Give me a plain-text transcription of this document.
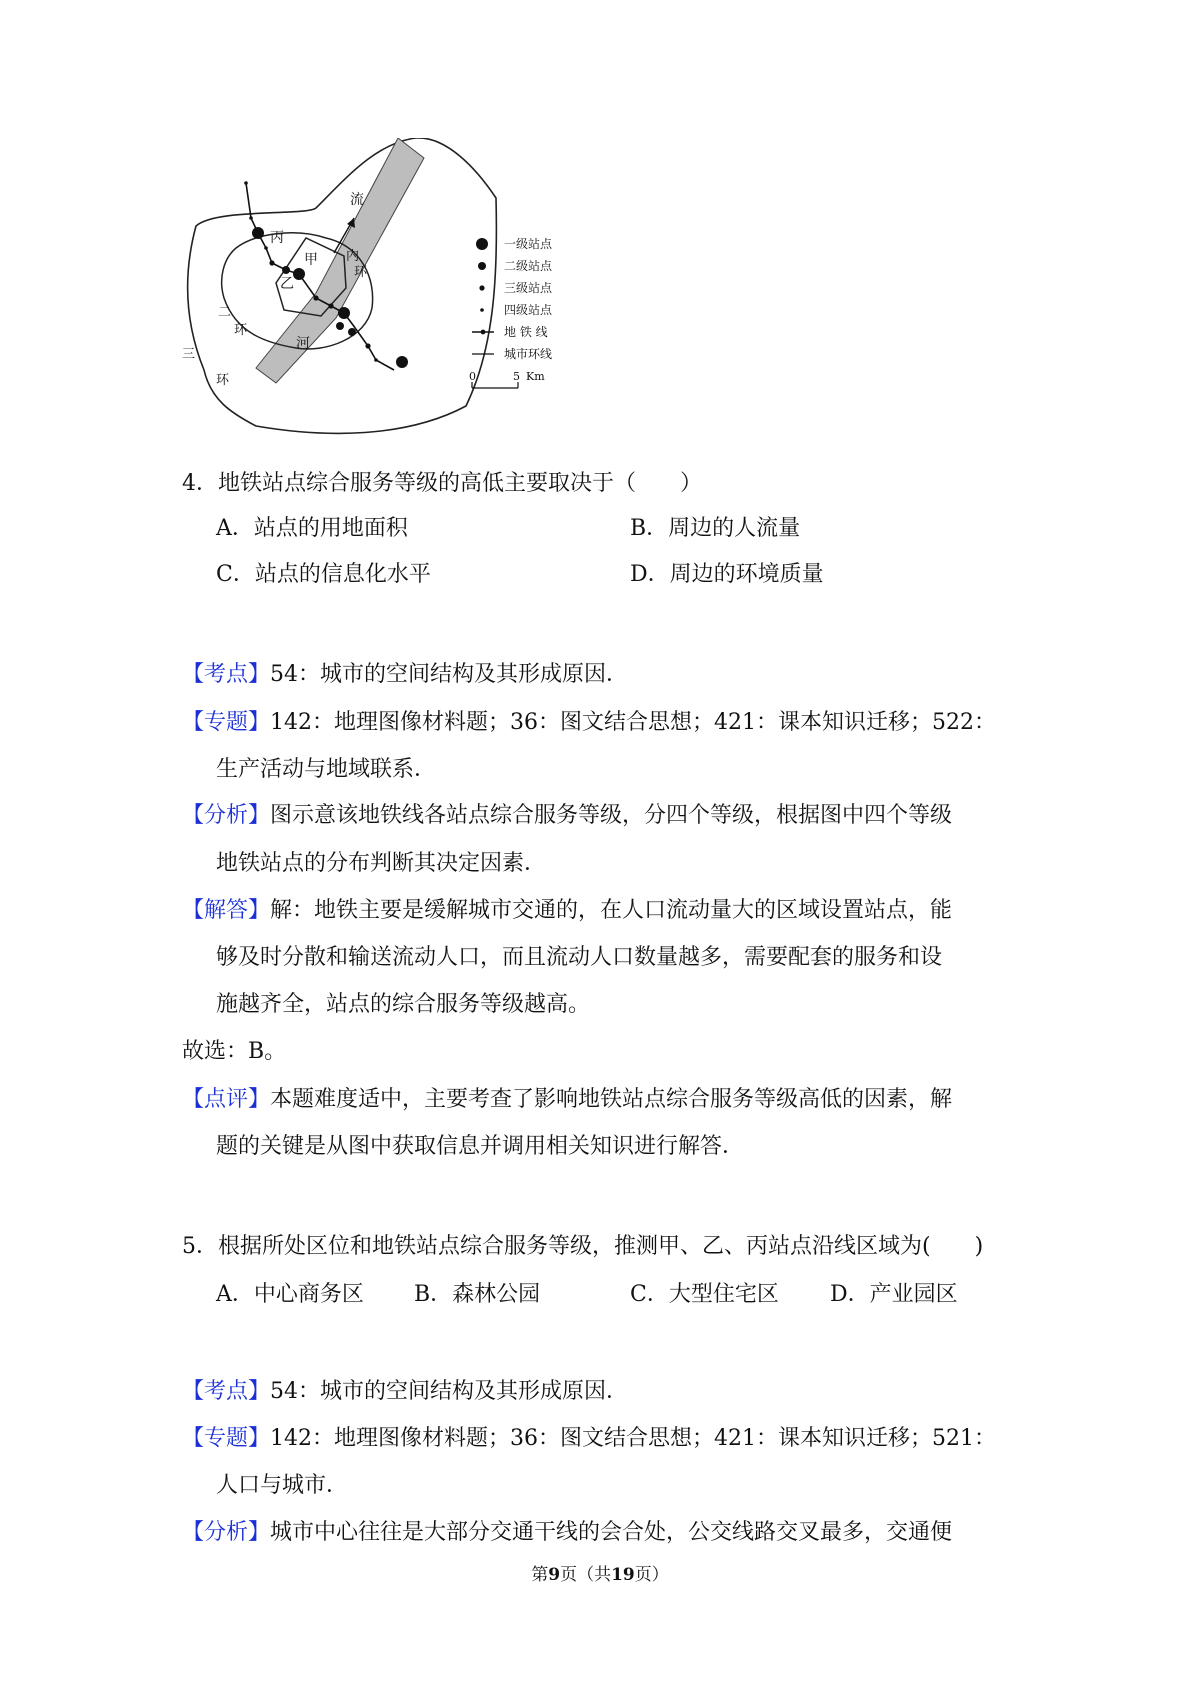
丙
甲
乙
流
河
内
环
二
环
三
环
一级站点
二级站点
三级站点
四级站点
地 铁 线
城市环线
0	5 Km
4．地铁站点综合服务等级的高低主要取决于（　　）
A．站点的用地面积	B．周边的人流量
C．站点的信息化水平	D．周边的环境质量
【考点】54：城市的空间结构及其形成原因．
【专题】142：地理图像材料题；36：图文结合思想；421：课本知识迁移；522：
生产活动与地域联系．
【分析】图示意该地铁线各站点综合服务等级，分四个等级，根据图中四个等级
地铁站点的分布判断其决定因素．
【解答】解：地铁主要是缓解城市交通的，在人口流动量大的区域设置站点，能
够及时分散和输送流动人口，而且流动人口数量越多，需要配套的服务和设
施越齐全，站点的综合服务等级越高。
故选：B。
【点评】本题难度适中，主要考查了影响地铁站点综合服务等级高低的因素，解
题的关键是从图中获取信息并调用相关知识进行解答．
5．根据所处区位和地铁站点综合服务等级，推测甲、乙、丙站点沿线区域为(　　)
A．中心商务区 B．森林公园	C．大型住宅区 D．产业园区
【考点】54：城市的空间结构及其形成原因．
【专题】142：地理图像材料题；36：图文结合思想；421：课本知识迁移；521：
人口与城市．
【分析】城市中心往往是大部分交通干线的会合处，公交线路交叉最多，交通便
第9页（共19页）
